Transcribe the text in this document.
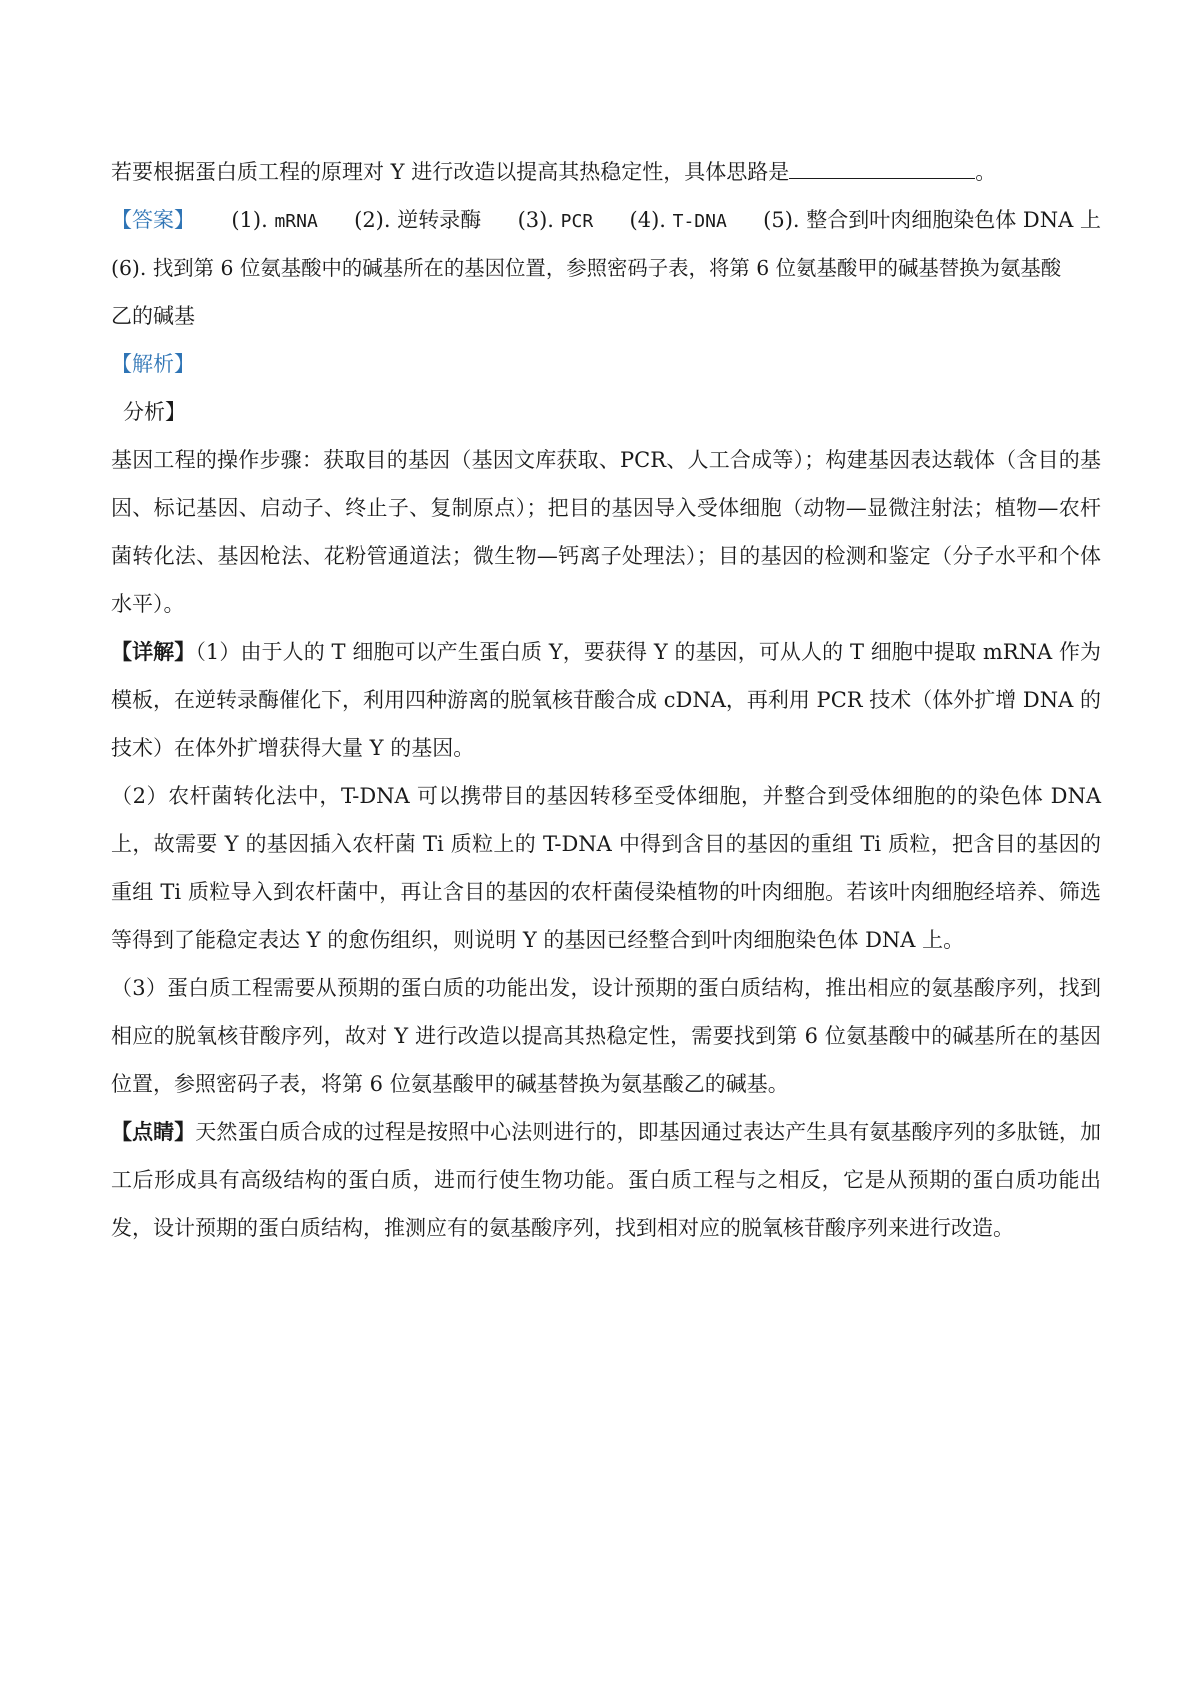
若要根据蛋白质工程的原理对 Y 进行改造以提高其热稳定性，具体思路是	。
【答案】 (1). mRNA (2). 逆转录酶 (3). PCR (4). T-DNA (5). 整合到叶肉细胞染色体 DNA 上
(6). 找到第 6 位氨基酸中的碱基所在的基因位置，参照密码子表，将第 6 位氨基酸甲的碱基替换为氨基酸
乙的碱基
【解析】
分析】
基因工程的操作步骤：获取目的基因（基因文库获取、PCR、人工合成等）；构建基因表达载体（含目的基因、标记基因、启动子、终止子、复制原点）；把目的基因导入受体细胞（动物—显微注射法；植物—农杆菌转化法、基因枪法、花粉管通道法；微生物—钙离子处理法）；目的基因的检测和鉴定（分子水平和个体水平）。
【详解】（1）由于人的 T 细胞可以产生蛋白质 Y，要获得 Y 的基因，可从人的 T 细胞中提取 mRNA 作为模板，在逆转录酶催化下，利用四种游离的脱氧核苷酸合成 cDNA，再利用 PCR 技术（体外扩增 DNA 的技术）在体外扩增获得大量 Y 的基因。
（2）农杆菌转化法中，T-DNA 可以携带目的基因转移至受体细胞，并整合到受体细胞的的染色体 DNA 上，故需要 Y 的基因插入农杆菌 Ti 质粒上的 T-DNA 中得到含目的基因的重组 Ti 质粒，把含目的基因的重组 Ti 质粒导入到农杆菌中，再让含目的基因的农杆菌侵染植物的叶肉细胞。若该叶肉细胞经培养、筛选等得到了能稳定表达 Y 的愈伤组织，则说明 Y 的基因已经整合到叶肉细胞染色体 DNA 上。
（3）蛋白质工程需要从预期的蛋白质的功能出发，设计预期的蛋白质结构，推出相应的氨基酸序列，找到相应的脱氧核苷酸序列，故对 Y 进行改造以提高其热稳定性，需要找到第 6 位氨基酸中的碱基所在的基因位置，参照密码子表，将第 6 位氨基酸甲的碱基替换为氨基酸乙的碱基。
【点睛】天然蛋白质合成的过程是按照中心法则进行的，即基因通过表达产生具有氨基酸序列的多肽链，加工后形成具有高级结构的蛋白质，进而行使生物功能。蛋白质工程与之相反，它是从预期的蛋白质功能出发，设计预期的蛋白质结构，推测应有的氨基酸序列，找到相对应的脱氧核苷酸序列来进行改造。
